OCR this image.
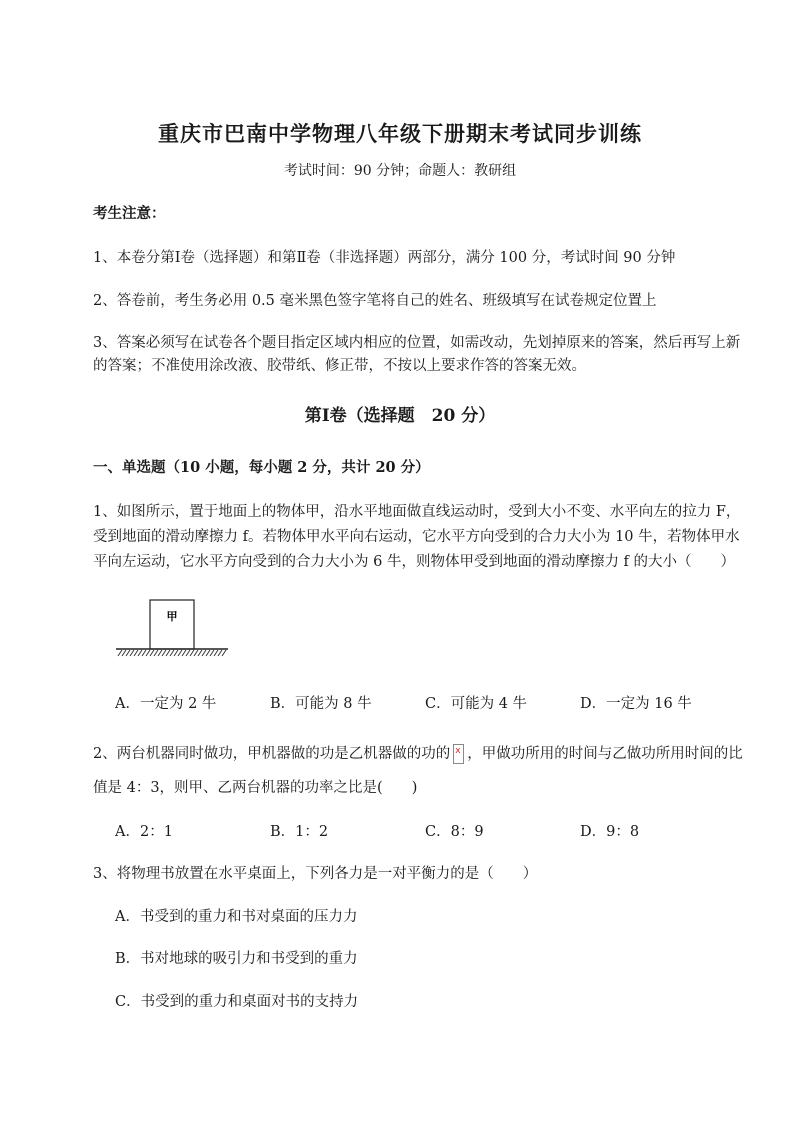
重庆市巴南中学物理八年级下册期末考试同步训练
考试时间：90 分钟；命题人：教研组
考生注意：
1、本卷分第Ⅰ卷（选择题）和第Ⅱ卷（非选择题）两部分，满分 100 分，考试时间 90 分钟
2、答卷前，考生务必用 0.5 毫米黑色签字笔将自己的姓名、班级填写在试卷规定位置上
3、答案必须写在试卷各个题目指定区域内相应的位置，如需改动，先划掉原来的答案，然后再写上新
的答案；不准使用涂改液、胶带纸、修正带，不按以上要求作答的答案无效。
第Ⅰ卷（选择题　20 分）
一、单选题（10 小题，每小题 2 分，共计 20 分）
1、如图所示，置于地面上的物体甲，沿水平地面做直线运动时，受到大小不变、水平向左的拉力 F，
受到地面的滑动摩擦力 f。若物体甲水平向右运动，它水平方向受到的合力大小为 10 牛，若物体甲水
平向左运动，它水平方向受到的合力大小为 6 牛，则物体甲受到地面的滑动摩擦力 f 的大小（　　）
甲
A．一定为 2 牛	B．可能为 8 牛	C．可能为 4 牛	D．一定为 16 牛
2、两台机器同时做功，甲机器做的功是乙机器做的功的x ，甲做功所用的时间与乙做功所用时间的比
值是 4：3，则甲、乙两台机器的功率之比是(　　)
A．2：1	B．1：2	C．8：9	D．9：8
3、将物理书放置在水平桌面上，下列各力是一对平衡力的是（　　）
A．书受到的重力和书对桌面的压力力
B．书对地球的吸引力和书受到的重力
C．书受到的重力和桌面对书的支持力
